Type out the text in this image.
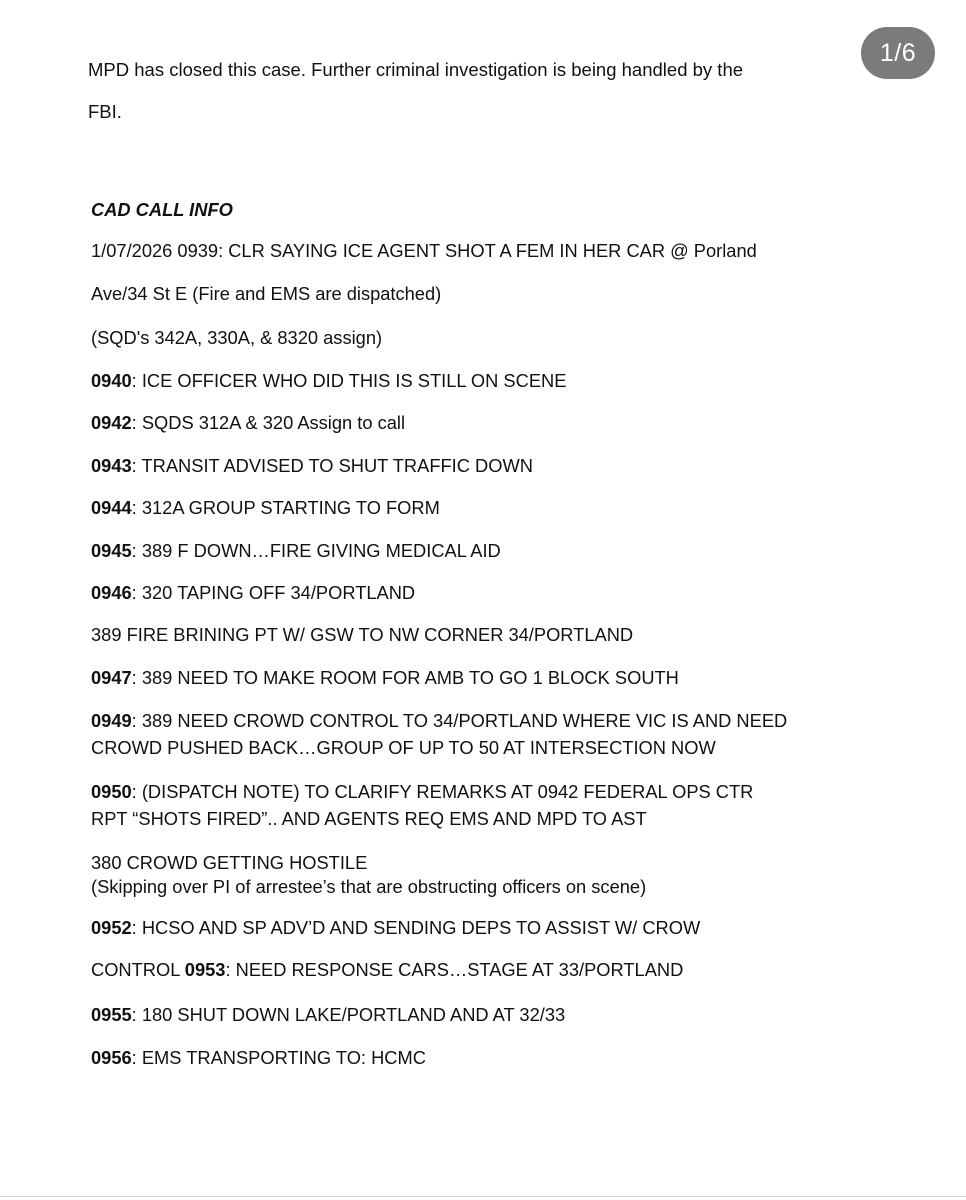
1/6
MPD has closed this case. Further criminal investigation is being handled by the
FBI.
CAD CALL INFO
1/07/2026 0939: CLR SAYING ICE AGENT SHOT A FEM IN HER CAR @ Porland
Ave/34 St E (Fire and EMS are dispatched)
(SQD's 342A, 330A, & 8320 assign)
0940: ICE OFFICER WHO DID THIS IS STILL ON SCENE
0942: SQDS 312A & 320 Assign to call
0943: TRANSIT ADVISED TO SHUT TRAFFIC DOWN
0944: 312A GROUP STARTING TO FORM
0945: 389 F DOWN…FIRE GIVING MEDICAL AID
0946: 320 TAPING OFF 34/PORTLAND
389 FIRE BRINING PT W/ GSW TO NW CORNER 34/PORTLAND
0947: 389 NEED TO MAKE ROOM FOR AMB TO GO 1 BLOCK SOUTH
0949: 389 NEED CROWD CONTROL TO 34/PORTLAND WHERE VIC IS AND NEED
CROWD PUSHED BACK…GROUP OF UP TO 50 AT INTERSECTION NOW
0950: (DISPATCH NOTE) TO CLARIFY REMARKS AT 0942 FEDERAL OPS CTR
RPT “SHOTS FIRED”.. AND AGENTS REQ EMS AND MPD TO AST
380 CROWD GETTING HOSTILE
(Skipping over PI of arrestee’s that are obstructing officers on scene)
0952: HCSO AND SP ADV’D AND SENDING DEPS TO ASSIST W/ CROW
CONTROL 0953: NEED RESPONSE CARS…STAGE AT 33/PORTLAND
0955: 180 SHUT DOWN LAKE/PORTLAND AND AT 32/33
0956: EMS TRANSPORTING TO: HCMC
